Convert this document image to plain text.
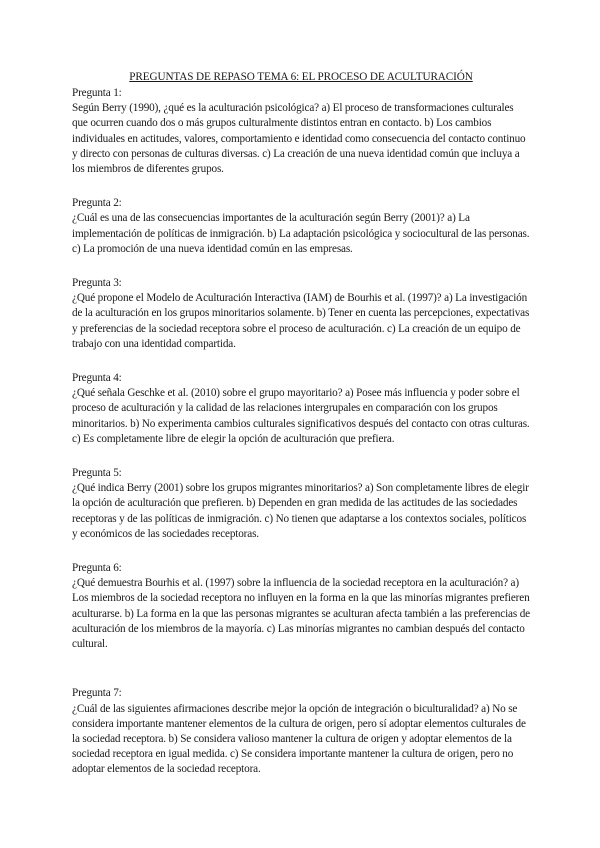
PREGUNTAS DE REPASO TEMA 6: EL PROCESO DE ACULTURACIÓN

Pregunta 1:
Según Berry (1990), ¿qué es la aculturación psicológica? a) El proceso de transformaciones culturales que ocurren cuando dos o más grupos culturalmente distintos entran en contacto. b) Los cambios individuales en actitudes, valores, comportamiento e identidad como consecuencia del contacto continuo y directo con personas de culturas diversas. c) La creación de una nueva identidad común que incluya a los miembros de diferentes grupos.
Pregunta 2:
¿Cuál es una de las consecuencias importantes de la aculturación según Berry (2001)? a) La implementación de políticas de inmigración. b) La adaptación psicológica y sociocultural de las personas. c) La promoción de una nueva identidad común en las empresas.
Pregunta 3:
¿Qué propone el Modelo de Aculturación Interactiva (IAM) de Bourhis et al. (1997)? a) La investigación de la aculturación en los grupos minoritarios solamente. b) Tener en cuenta las percepciones, expectativas y preferencias de la sociedad receptora sobre el proceso de aculturación. c) La creación de un equipo de trabajo con una identidad compartida.
Pregunta 4:
¿Qué señala Geschke et al. (2010) sobre el grupo mayoritario? a) Posee más influencia y poder sobre el proceso de aculturación y la calidad de las relaciones intergrupales en comparación con los grupos minoritarios. b) No experimenta cambios culturales significativos después del contacto con otras culturas. c) Es completamente libre de elegir la opción de aculturación que prefiera.
Pregunta 5:
¿Qué indica Berry (2001) sobre los grupos migrantes minoritarios? a) Son completamente libres de elegir la opción de aculturación que prefieren. b) Dependen en gran medida de las actitudes de las sociedades receptoras y de las políticas de inmigración. c) No tienen que adaptarse a los contextos sociales, políticos y económicos de las sociedades receptoras.
Pregunta 6:
¿Qué demuestra Bourhis et al. (1997) sobre la influencia de la sociedad receptora en la aculturación? a) Los miembros de la sociedad receptora no influyen en la forma en la que las minorías migrantes prefieren aculturarse. b) La forma en la que las personas migrantes se aculturan afecta también a las preferencias de aculturación de los miembros de la mayoría. c) Las minorías migrantes no cambian después del contacto cultural.
Pregunta 7:
¿Cuál de las siguientes afirmaciones describe mejor la opción de integración o biculturalidad? a) No se considera importante mantener elementos de la cultura de origen, pero sí adoptar elementos culturales de la sociedad receptora. b) Se considera valioso mantener la cultura de origen y adoptar elementos de la sociedad receptora en igual medida. c) Se considera importante mantener la cultura de origen, pero no adoptar elementos de la sociedad receptora.
